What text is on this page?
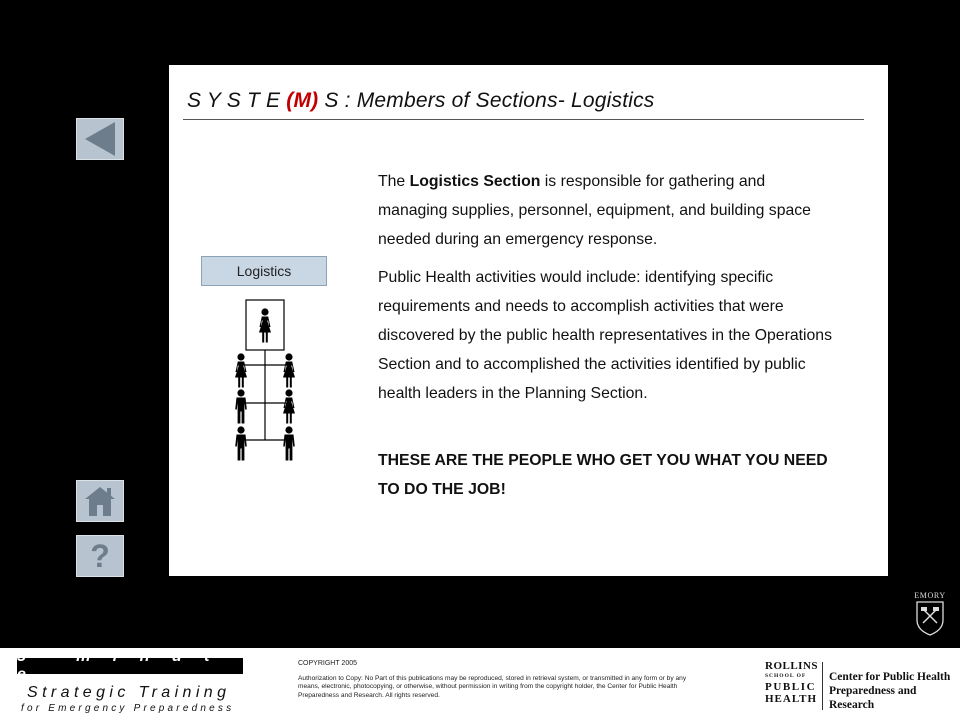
?
S Y S T E (M) S : Members of Sections- Logistics
Logistics

The Logistics Section is responsible for gathering and managing supplies, personnel, equipment, and building space needed during an emergency response.

Public Health activities would include: identifying specific requirements and needs to accomplish activities that were discovered by the public health representatives in the Operations Section and to accomplished the activities identified by public health leaders in the Planning Section.

THESE ARE THE PEOPLE WHO GET YOU WHAT YOU NEED TO DO THE JOB!

EMORY
5 - m i n u t e
Strategic Training
for Emergency Preparedness
COPYRIGHT 2005
Authorization to Copy: No Part of this publications may be reproduced, stored in retrieval system, or transmitted in any form or by any means, electronic, photocopying, or otherwise, without permission in writing from the copyright holder, the Center for Public Health Preparedness and Research. All rights reserved.
ROLLINS
SCHOOL OF
PUBLIC
HEALTH
Center for Public Health
Preparedness and Research
